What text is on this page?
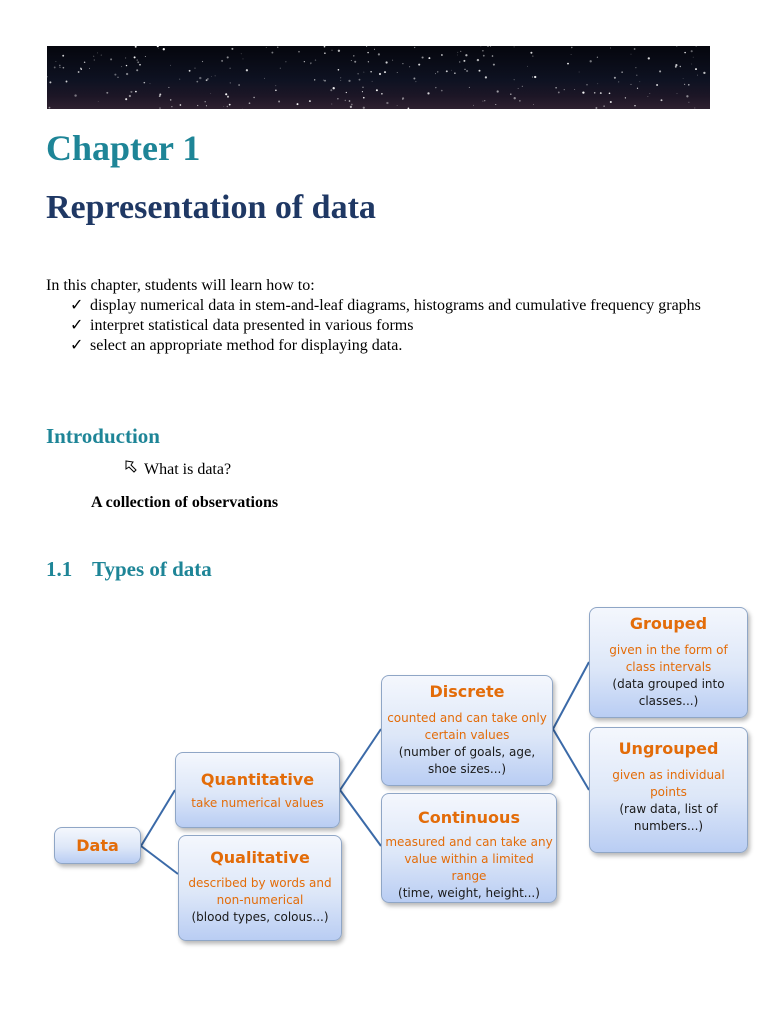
Chapter 1
Representation of data

In this chapter, students will learn how to:

✓ display numerical data in stem-and-leaf diagrams, histograms and cumulative frequency graphs
✓ interpret statistical data presented in various forms
✓ select an appropriate method for displaying data.
Introduction
What is data?
A collection of observations
1.1 Types of data
Data
Quantitative
take numerical values
Qualitative
described by words and non-numerical
(blood types, colous...)
Discrete
counted and can take only certain values
(number of goals, age, shoe sizes...)
Continuous
measured and can take any value within a limited range
(time, weight, height...)
Grouped
given in the form of class intervals
(data grouped into classes...)
Ungrouped
given as individual points
(raw data, list of numbers...)
